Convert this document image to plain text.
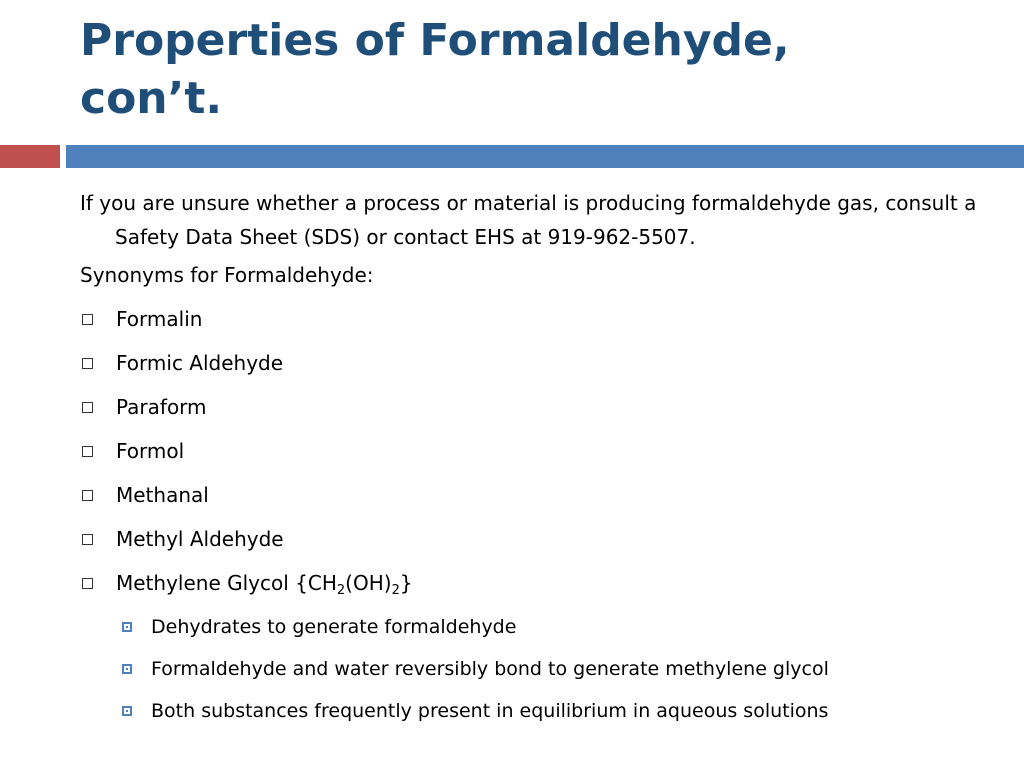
Properties of Formaldehyde,
con’t.

If you are unsure whether a process or material is producing formaldehyde gas, consult a Safety Data Sheet (SDS) or contact EHS at 919-962-5507.

Synonyms for Formaldehyde:

Formalin
Formic Aldehyde
Paraform
Formol
Methanal
Methyl Aldehyde
Methylene Glycol $\{CH_2(OH)_2\}$
Dehydrates to generate formaldehyde
Formaldehyde and water reversibly bond to generate methylene glycol
Both substances frequently present in equilibrium in aqueous solutions
